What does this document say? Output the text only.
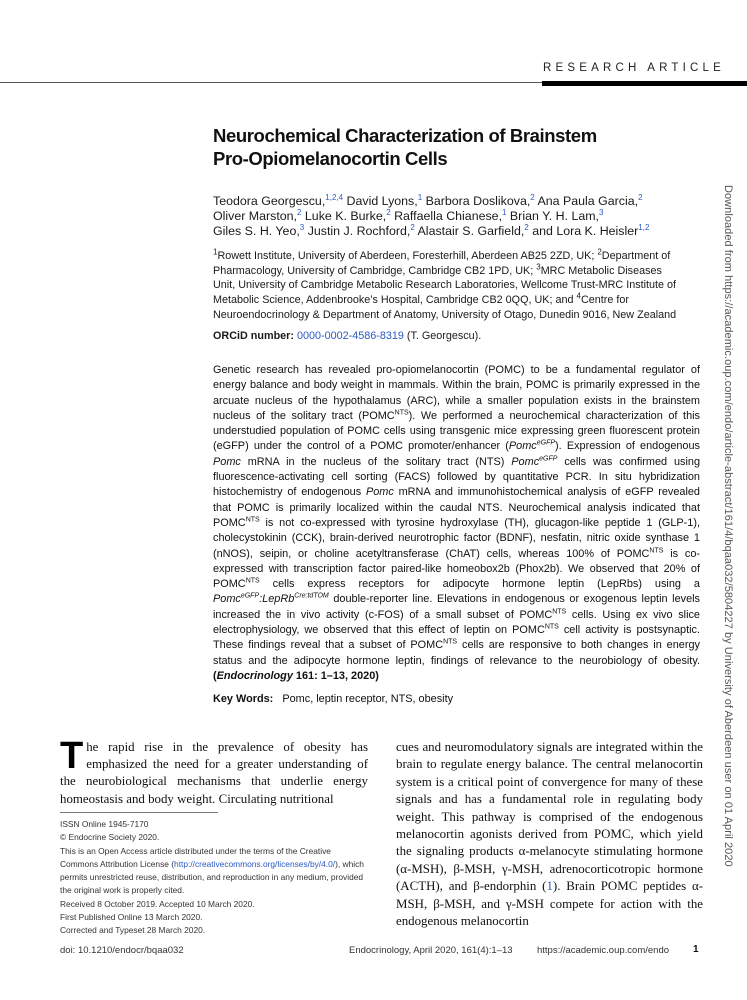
RESEARCH ARTICLE
Neurochemical Characterization of Brainstem
Pro-Opiomelanocortin Cells
Teodora Georgescu,$^{1,2,4}$ David Lyons,$^1$ Barbora Doslikova,$^2$ Ana Paula Garcia,$^2$
Oliver Marston,$^2$ Luke K. Burke,$^2$ Raffaella Chianese,$^1$ Brian Y. H. Lam,$^3$
Giles S. H. Yeo,$^3$ Justin J. Rochford,$^2$ Alastair S. Garfield,$^2$ and Lora K. Heisler$^{1,2}$
$^1$Rowett Institute, University of Aberdeen, Foresterhill, Aberdeen AB25 2ZD, UK; $^2$Department of Pharmacology, University of Cambridge, Cambridge CB2 1PD, UK; $^3$MRC Metabolic Diseases Unit, University of Cambridge Metabolic Research Laboratories, Wellcome Trust-MRC Institute of Metabolic Science, Addenbrooke’s Hospital, Cambridge CB2 0QQ, UK; and $^4$Centre for Neuroendocrinology & Department of Anatomy, University of Otago, Dunedin 9016, New Zealand
ORCiD number: 0000-0002-4586-8319 (T. Georgescu).
Genetic research has revealed pro-opiomelanocortin (POMC) to be a fundamental regulator of energy balance and body weight in mammals. Within the brain, POMC is primarily expressed in the arcuate nucleus of the hypothalamus (ARC), while a smaller population exists in the brainstem nucleus of the solitary tract $(POMC^{NTS})$. We performed a neurochemical characterization of this understudied population of POMC cells using transgenic mice expressing green fluorescent protein (eGFP) under the control of a POMC promoter/enhancer (Pomc$^{eGFP}$). Expression of endogenous Pomc mRNA in the nucleus of the solitary tract (NTS) Pomc$^{eGFP}$ cells was confirmed using fluorescence-activating cell sorting (FACS) followed by quantitative PCR. In situ hybridization histochemistry of endogenous Pomc mRNA and immunohistochemical analysis of eGFP revealed that POMC is primarily localized within the caudal NTS. Neurochemical analysis indicated that $POMC^{NTS}$ is not co-expressed with tyrosine hydroxylase (TH), glucagon-like peptide 1 (GLP-1), cholecystokinin (CCK), brain-derived neurotrophic factor (BDNF), nesfatin, nitric oxide synthase 1 (nNOS), seipin, or choline acetyltransferase (ChAT) cells, whereas 100% of $POMC^{NTS}$ is co-expressed with transcription factor paired-like homeobox2b (Phox2b). We observed that 20% of $POMC^{NTS}$ cells express receptors for adipocyte hormone leptin (LepRbs) using a Pomc$^{eGFP}$:LepRb$^{Cre:tdTOM}$ double-reporter line. Elevations in endogenous or exogenous leptin levels increased the in vivo activity (c-FOS) of a small subset of $POMC^{NTS}$ cells. Using ex vivo slice electrophysiology, we observed that this effect of leptin on $POMC^{NTS}$ cell activity is postsynaptic. These findings reveal that a subset of $POMC^{NTS}$ cells are responsive to both changes in energy status and the adipocyte hormone leptin, findings of relevance to the neurobiology of obesity. (Endocrinology 161: 1–13, 2020)
Key Words: Pomc, leptin receptor, NTS, obesity
The rapid rise in the prevalence of obesity has emphasized the need for a greater understanding of the neurobiological mechanisms that underlie energy homeostasis and body weight. Circulating nutritional
ISSN Online 1945-7170
© Endocrine Society 2020.
This is an Open Access article distributed under the terms of the Creative Commons Attribution License (http://creativecommons.org/licenses/by/4.0/), which permits unrestricted reuse, distribution, and reproduction in any medium, provided the original work is properly cited.
Received 8 October 2019. Accepted 10 March 2020.
First Published Online 13 March 2020.
Corrected and Typeset 28 March 2020.
cues and neuromodulatory signals are integrated within the brain to regulate energy balance. The central melanocortin system is a critical point of convergence for many of these signals and has a fundamental role in regulating body weight. This pathway is comprised of the endogenous melanocortin agonists derived from POMC, which yield the signaling products α-melanocyte stimulating hormone (α-MSH), β-MSH, γ-MSH, adrenocorticotropic hormone (ACTH), and β-endorphin (1). Brain POMC peptides α-MSH, β-MSH, and γ-MSH compete for action with the endogenous melanocortin
doi: 10.1210/endocr/bqaa032	Endocrinology, April 2020, 161(4):1–13	https://academic.oup.com/endo 1
Downloaded from https://academic.oup.com/endo/article-abstract/161/4/bqaa032/5804227 by University of Aberdeen user on 01 April 2020
